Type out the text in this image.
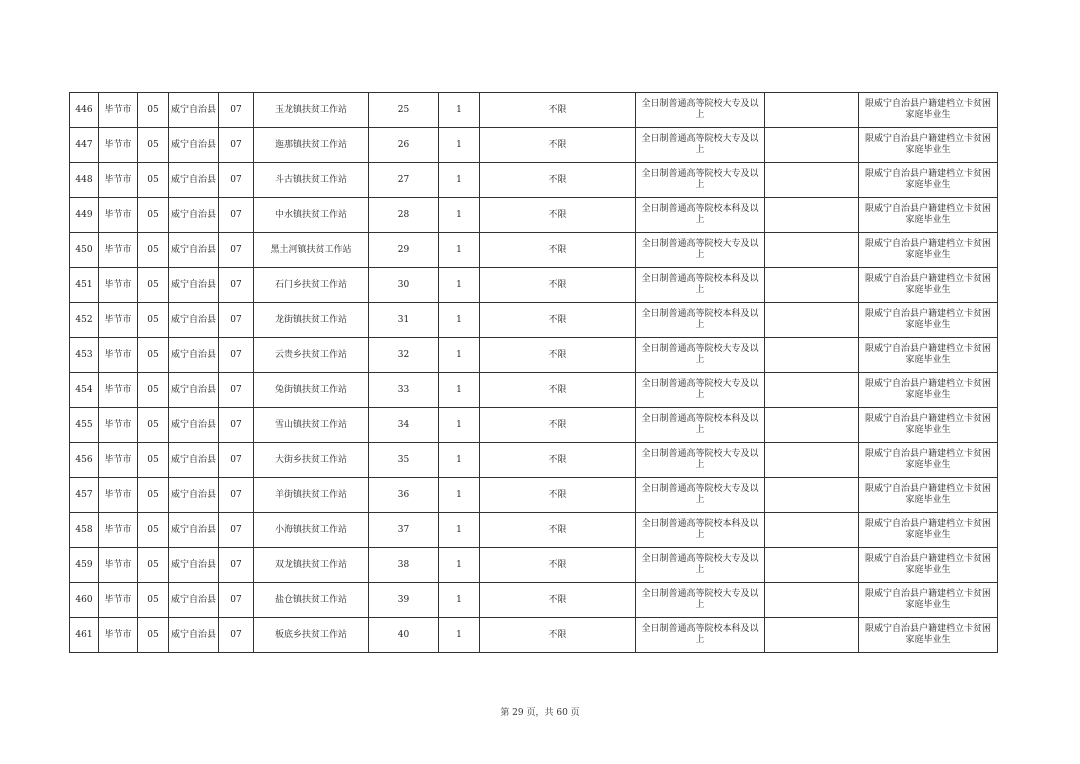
446	毕节市	05	威宁自治县	07	玉龙镇扶贫工作站	25	1	不限	全日制普通高等院校大专及以上		限威宁自治县户籍建档立卡贫困家庭毕业生
447	毕节市	05	威宁自治县	07	迤那镇扶贫工作站	26	1	不限	全日制普通高等院校大专及以上		限威宁自治县户籍建档立卡贫困家庭毕业生
448	毕节市	05	威宁自治县	07	斗古镇扶贫工作站	27	1	不限	全日制普通高等院校大专及以上		限威宁自治县户籍建档立卡贫困家庭毕业生
449	毕节市	05	威宁自治县	07	中水镇扶贫工作站	28	1	不限	全日制普通高等院校本科及以上		限威宁自治县户籍建档立卡贫困家庭毕业生
450	毕节市	05	威宁自治县	07	黑土河镇扶贫工作站	29	1	不限	全日制普通高等院校大专及以上		限威宁自治县户籍建档立卡贫困家庭毕业生
451	毕节市	05	威宁自治县	07	石门乡扶贫工作站	30	1	不限	全日制普通高等院校本科及以上		限威宁自治县户籍建档立卡贫困家庭毕业生
452	毕节市	05	威宁自治县	07	龙街镇扶贫工作站	31	1	不限	全日制普通高等院校本科及以上		限威宁自治县户籍建档立卡贫困家庭毕业生
453	毕节市	05	威宁自治县	07	云贵乡扶贫工作站	32	1	不限	全日制普通高等院校大专及以上		限威宁自治县户籍建档立卡贫困家庭毕业生
454	毕节市	05	威宁自治县	07	兔街镇扶贫工作站	33	1	不限	全日制普通高等院校大专及以上		限威宁自治县户籍建档立卡贫困家庭毕业生
455	毕节市	05	威宁自治县	07	雪山镇扶贫工作站	34	1	不限	全日制普通高等院校本科及以上		限威宁自治县户籍建档立卡贫困家庭毕业生
456	毕节市	05	威宁自治县	07	大街乡扶贫工作站	35	1	不限	全日制普通高等院校大专及以上		限威宁自治县户籍建档立卡贫困家庭毕业生
457	毕节市	05	威宁自治县	07	羊街镇扶贫工作站	36	1	不限	全日制普通高等院校大专及以上		限威宁自治县户籍建档立卡贫困家庭毕业生
458	毕节市	05	威宁自治县	07	小海镇扶贫工作站	37	1	不限	全日制普通高等院校本科及以上		限威宁自治县户籍建档立卡贫困家庭毕业生
459	毕节市	05	威宁自治县	07	双龙镇扶贫工作站	38	1	不限	全日制普通高等院校大专及以上		限威宁自治县户籍建档立卡贫困家庭毕业生
460	毕节市	05	威宁自治县	07	盐仓镇扶贫工作站	39	1	不限	全日制普通高等院校大专及以上		限威宁自治县户籍建档立卡贫困家庭毕业生
461	毕节市	05	威宁自治县	07	板底乡扶贫工作站	40	1	不限	全日制普通高等院校本科及以上		限威宁自治县户籍建档立卡贫困家庭毕业生
第 29 页，共 60 页
